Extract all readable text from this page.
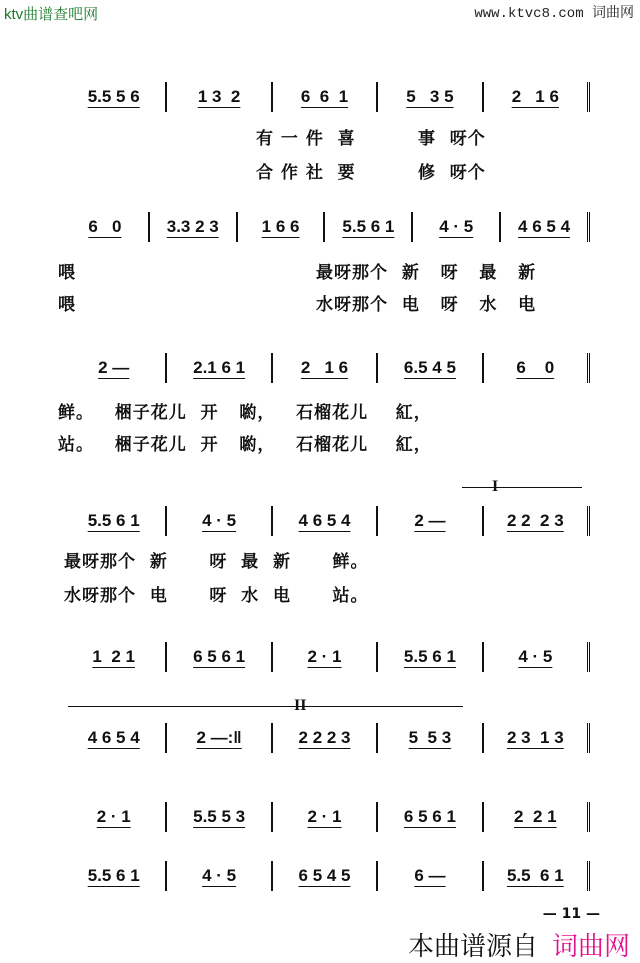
ktv曲谱查吧网	www.ktvc8.com 词曲网
5.5 5 6	1 3  2	6  6  1	5   3 5	2   1 6
6   0	3.3 2 3	1 6 6	5.5 6 1	4 · 5	4 6 5 4
2 —	2.1 6 1	2   1 6	6.5 4 5	6    0
5.5 6 1	4 · 5	4 6 5 4	2 —	2 2  2 3
1  2 1	6 5 6 1	2 · 1	5.5 6 1	4 · 5
4 6 5 4	2 —:‖	2 2 2 3	5  5 3	2 3  1 3
2 · 1	5.5 5 3	2 · 1	6 5 6 1	2  2 1
5.5 6 1	4 · 5	6 5 4 5	6 —	5.5  6 1
有 一 件  喜         事  呀个
合 作 社  要         修  呀个
喂
喂
最呀那个  新   呀   最   新
水呀那个  电   呀   水   电
鲜。   梱子花儿  开   喲，   石榴花儿    紅，
站。   梱子花儿  开   喲，   石榴花儿    紅，
最呀那个  新      呀  最  新      鲜。
水呀那个  电      呀  水  电      站。
I
II
— 11 —
本曲谱源自 词曲网
